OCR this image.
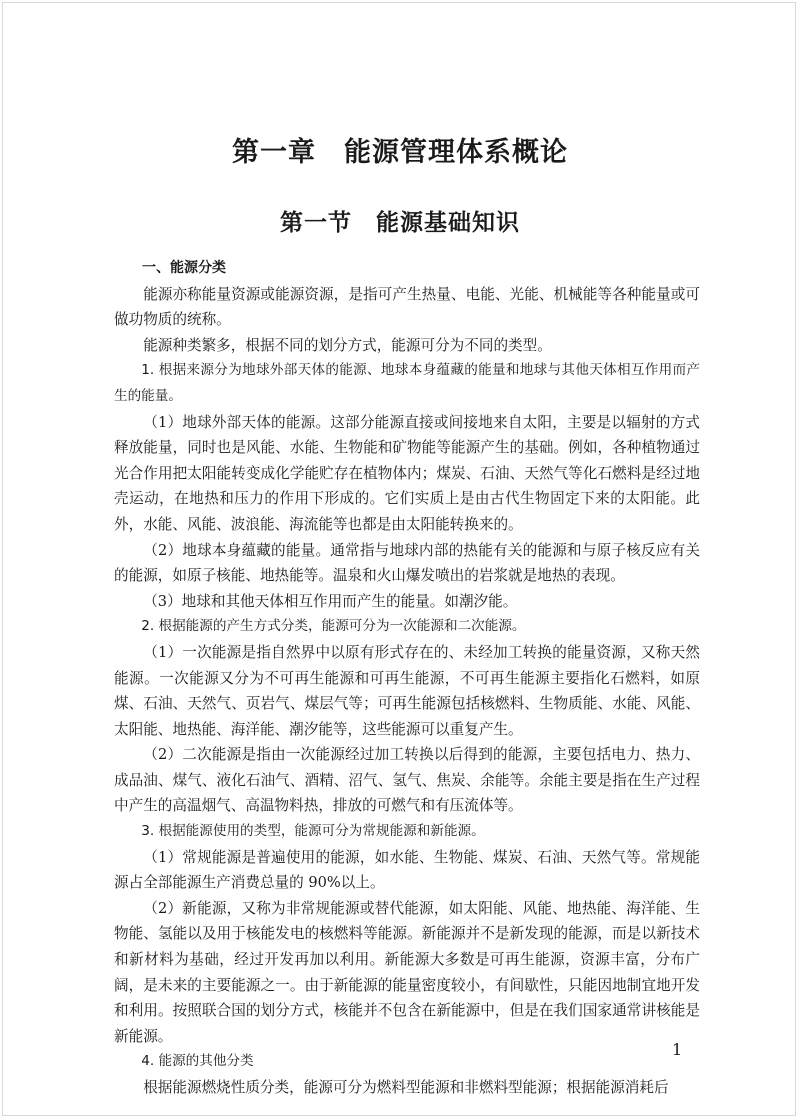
第一章　能源管理体系概论
第一节　能源基础知识

一、能源分类

能源亦称能量资源或能源资源，是指可产生热量、电能、光能、机械能等各种能量或可做功物质的统称。

能源种类繁多，根据不同的划分方式，能源可分为不同的类型。

1. 根据来源分为地球外部天体的能源、地球本身蕴藏的能量和地球与其他天体相互作用而产生的能量。

（1）地球外部天体的能源。这部分能源直接或间接地来自太阳，主要是以辐射的方式释放能量，同时也是风能、水能、生物能和矿物能等能源产生的基础。例如，各种植物通过光合作用把太阳能转变成化学能贮存在植物体内；煤炭、石油、天然气等化石燃料是经过地壳运动，在地热和压力的作用下形成的。它们实质上是由古代生物固定下来的太阳能。此外，水能、风能、波浪能、海流能等也都是由太阳能转换来的。

（2）地球本身蕴藏的能量。通常指与地球内部的热能有关的能源和与原子核反应有关的能源，如原子核能、地热能等。温泉和火山爆发喷出的岩浆就是地热的表现。

（3）地球和其他天体相互作用而产生的能量。如潮汐能。

2. 根据能源的产生方式分类，能源可分为一次能源和二次能源。

（1）一次能源是指自然界中以原有形式存在的、未经加工转换的能量资源，又称天然能源。一次能源又分为不可再生能源和可再生能源，不可再生能源主要指化石燃料，如原煤、石油、天然气、页岩气、煤层气等；可再生能源包括核燃料、生物质能、水能、风能、太阳能、地热能、海洋能、潮汐能等，这些能源可以重复产生。

（2）二次能源是指由一次能源经过加工转换以后得到的能源，主要包括电力、热力、成品油、煤气、液化石油气、酒精、沼气、氢气、焦炭、余能等。余能主要是指在生产过程中产生的高温烟气、高温物料热，排放的可燃气和有压流体等。

3. 根据能源使用的类型，能源可分为常规能源和新能源。

（1）常规能源是普遍使用的能源，如水能、生物能、煤炭、石油、天然气等。常规能源占全部能源生产消费总量的 90%以上。

（2）新能源，又称为非常规能源或替代能源，如太阳能、风能、地热能、海洋能、生物能、氢能以及用于核能发电的核燃料等能源。新能源并不是新发现的能源，而是以新技术和新材料为基础，经过开发再加以利用。新能源大多数是可再生能源，资源丰富，分布广阔，是未来的主要能源之一。由于新能源的能量密度较小，有间歇性，只能因地制宜地开发和利用。按照联合国的划分方式，核能并不包含在新能源中，但是在我们国家通常讲核能是新能源。

4. 能源的其他分类

根据能源燃烧性质分类，能源可分为燃料型能源和非燃料型能源；根据能源消耗后

1
